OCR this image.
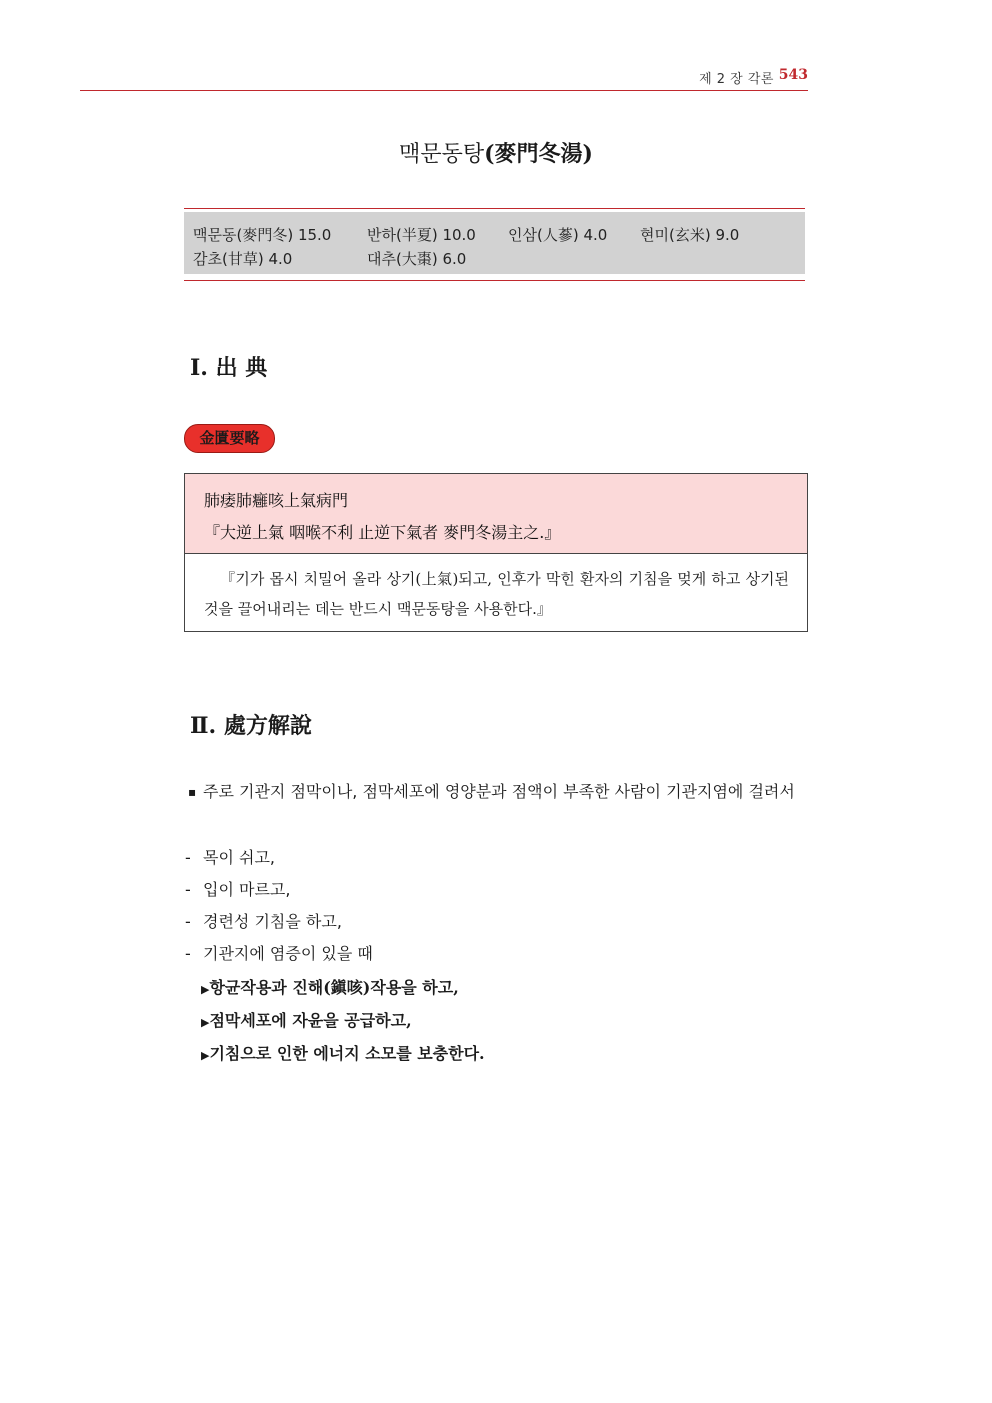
제 2 장 각론 543
맥문동탕(麥門冬湯)
맥문동(麥門冬) 15.0 반하(半夏) 10.0 인삼(人蔘) 4.0 현미(玄米) 9.0
감초(甘草) 4.0	대추(大棗) 6.0
Ⅰ. 出 典
金匱要略
肺痿肺癰咳上氣病門
『大逆上氣 咽喉不利 止逆下氣者 麥門冬湯主之.』
『기가 몹시 치밀어 올라 상기(上氣)되고, 인후가 막힌 환자의 기침을 멎게 하고 상기된 것을 끌어내리는 데는 반드시 맥문동탕을 사용한다.』
Ⅱ. 處方解說
▪ 주로 기관지 점막이나, 점막세포에 영양분과 점액이 부족한 사람이 기관지염에 걸려서
- 목이 쉬고,
- 입이 마르고,
- 경련성 기침을 하고,
- 기관지에 염증이 있을 때
▶항균작용과 진해(鎭咳)작용을 하고,
▶점막세포에 자윤을 공급하고,
▶기침으로 인한 에너지 소모를 보충한다.
